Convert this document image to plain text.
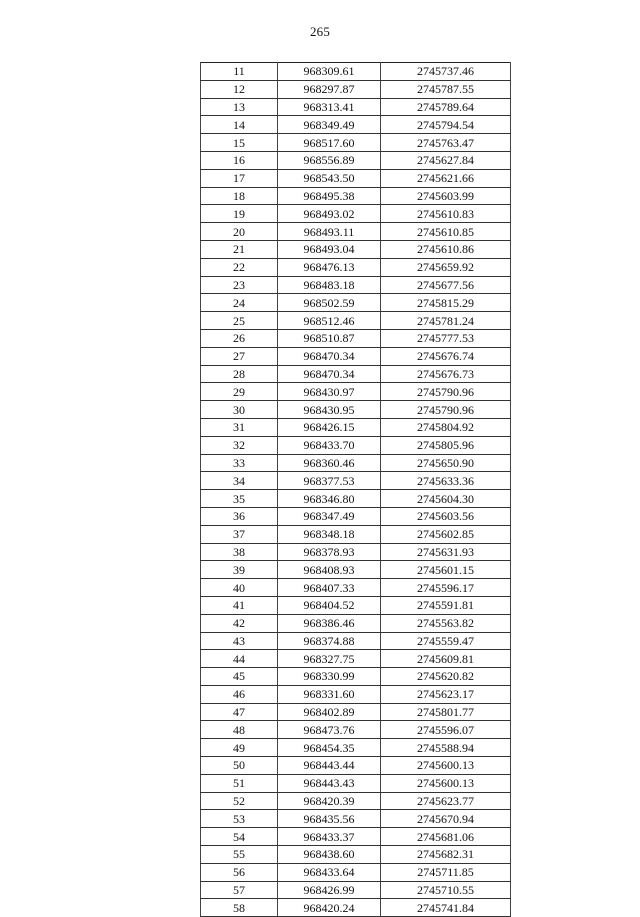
265
11	968309.61	2745737.46
12	968297.87	2745787.55
13	968313.41	2745789.64
14	968349.49	2745794.54
15	968517.60	2745763.47
16	968556.89	2745627.84
17	968543.50	2745621.66
18	968495.38	2745603.99
19	968493.02	2745610.83
20	968493.11	2745610.85
21	968493.04	2745610.86
22	968476.13	2745659.92
23	968483.18	2745677.56
24	968502.59	2745815.29
25	968512.46	2745781.24
26	968510.87	2745777.53
27	968470.34	2745676.74
28	968470.34	2745676.73
29	968430.97	2745790.96
30	968430.95	2745790.96
31	968426.15	2745804.92
32	968433.70	2745805.96
33	968360.46	2745650.90
34	968377.53	2745633.36
35	968346.80	2745604.30
36	968347.49	2745603.56
37	968348.18	2745602.85
38	968378.93	2745631.93
39	968408.93	2745601.15
40	968407.33	2745596.17
41	968404.52	2745591.81
42	968386.46	2745563.82
43	968374.88	2745559.47
44	968327.75	2745609.81
45	968330.99	2745620.82
46	968331.60	2745623.17
47	968402.89	2745801.77
48	968473.76	2745596.07
49	968454.35	2745588.94
50	968443.44	2745600.13
51	968443.43	2745600.13
52	968420.39	2745623.77
53	968435.56	2745670.94
54	968433.37	2745681.06
55	968438.60	2745682.31
56	968433.64	2745711.85
57	968426.99	2745710.55
58	968420.24	2745741.84
